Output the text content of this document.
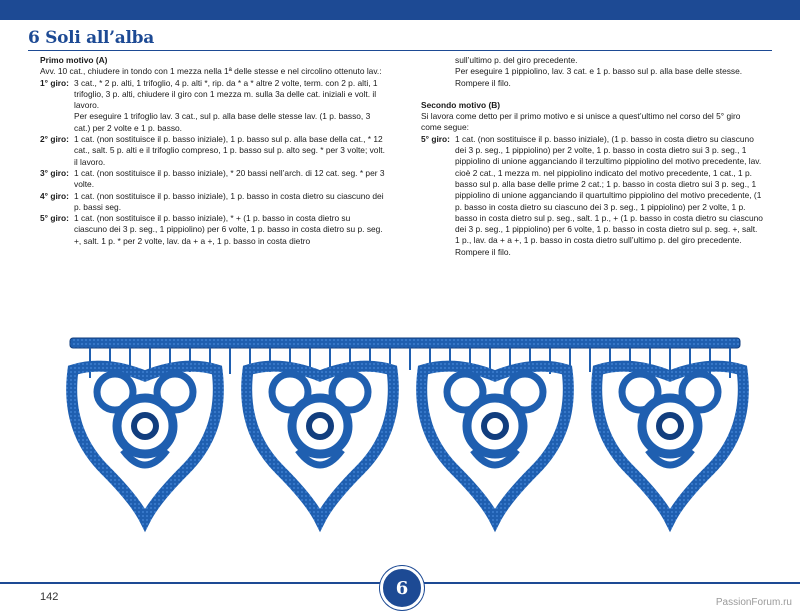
6 Soli all’alba

Primo motivo (A)

Avv. 10 cat., chiudere in tondo con 1 mezza nella 1ª delle stesse e nel circolino ottenuto lav.:

1° giro: 3 cat., * 2 p. alti, 1 trifoglio, 4 p. alti *, rip. da * a * altre 2 volte, term. con 2 p. alti, 1 trifoglio, 3 p. alti, chiudere il giro con 1 mezza m. sulla 3a delle cat. iniziali e volt. il lavoro.

Per eseguire 1 trifoglio lav. 3 cat., sul p. alla base delle stesse lav. (1 p. basso, 3 cat.) per 2 volte e 1 p. basso.

2° giro: 1 cat. (non sostituisce il p. basso iniziale), 1 p. basso sul p. alla base della cat., * 12 cat., salt. 5 p. alti e il trifoglio compreso, 1 p. basso sul p. alto seg. * per 3 volte; volt. il lavoro.
3° giro: 1 cat. (non sostituisce il p. basso iniziale), * 20 bassi nell’arch. di 12 cat. seg. * per 3 volte.
4° giro: 1 cat. (non sostituisce il p. basso iniziale), 1 p. basso in costa dietro su ciascuno dei p. bassi seg.
5° giro: 1 cat. (non sostituisce il p. basso iniziale), * + (1 p. basso in costa dietro su ciascuno dei 3 p. seg., 1 pippiolino) per 6 volte, 1 p. basso in costa dietro su p. seg. +, salt. 1 p. * per 2 volte, lav. da + a +, 1 p. basso in costa dietro

sull’ultimo p. del giro precedente.

Per eseguire 1 pippiolino, lav. 3 cat. e 1 p. basso sul p. alla base delle stesse.

Rompere il filo.

Secondo motivo (B)

Si lavora come detto per il primo motivo e si unisce a quest’ultimo nel corso del 5° giro come segue:

5° giro: 1 cat. (non sostituisce il p. basso iniziale), (1 p. basso in costa dietro su ciascuno dei 3 p. seg., 1 pippiolino) per 2 volte, 1 p. basso in costa dietro sui 3 p. seg., 1 pippiolino di unione agganciando il terzultimo pippiolino del motivo precedente, lav. cioè 2 cat., 1 mezza m. nel pippiolino indicato del motivo precedente, 1 cat., 1 p. basso sul p. alla base delle prime 2 cat.; 1 p. basso in costa dietro sui 3 p. seg., 1 pippiolino di unione agganciando il quartultimo pippiolino del motivo precedente, (1 p. basso in costa dietro su ciascuno dei 3 p. seg., 1 pippiolino) per 2 volte, 1 p. basso in costa dietro sul p. seg., salt. 1 p., + (1 p. basso in costa dietro su ciascuno dei 3 p. seg., 1 pippiolino) per 6 volte, 1 p. basso in costa dietro sul p. seg. +, salt. 1 p., lav. da + a +, 1 p. basso in costa dietro sull’ultimo p. del giro precedente. Rompere il filo.
142	6
PassionForum.ru
